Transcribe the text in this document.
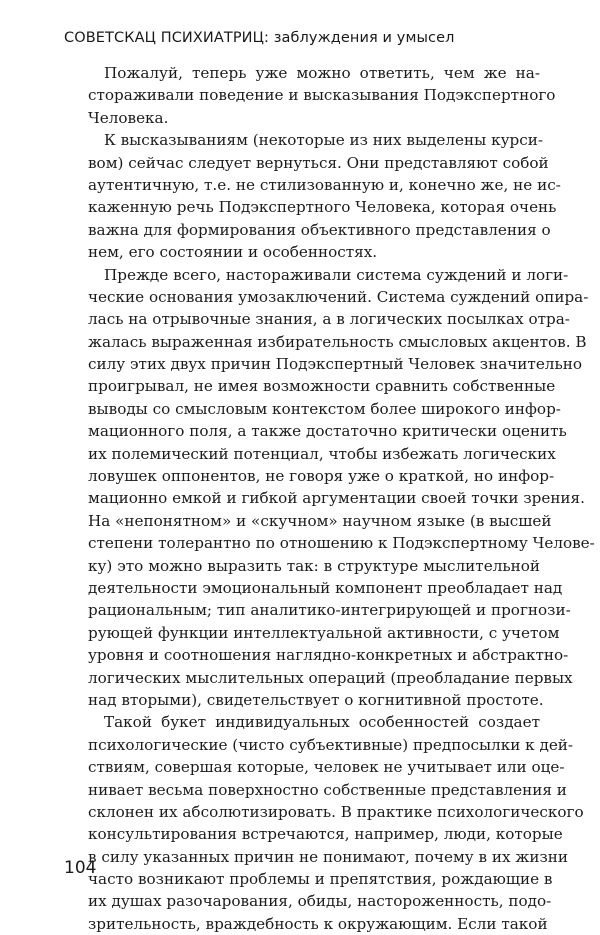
СОВЕТСКАЦ ПСИХИАТРИЦ: заблуждения и умысел
Пожалуй, теперь уже можно ответить, чем же на-
стораживали поведение и высказывания Подэкспертного
Человека.
К высказываниям (некоторые из них выделены курси-
вом) сейчас следует вернуться. Они представляют собой
аутентичную, т.е. не стилизованную и, конечно же, не ис-
каженную речь Подэкспертного Человека, которая очень
важна для формирования объективного представления о
нем, его состоянии и особенностях.
Прежде всего, настораживали система суждений и логи-
ческие основания умозаключений. Система суждений опира-
лась на отрывочные знания, а в логических посылках отра-
жалась выраженная избирательность смысловых акцентов. В
силу этих двух причин Подэкспертный Человек значительно
проигрывал, не имея возможности сравнить собственные
выводы со смысловым контекстом более широкого инфор-
мационного поля, а также достаточно критически оценить
их полемический потенциал, чтобы избежать логических
ловушек оппонентов, не говоря уже о краткой, но инфор-
мационно емкой и гибкой аргументации своей точки зрения.
На «непонятном» и «скучном» научном языке (в высшей
степени толерантно по отношению к Подэкспертному Челове-
ку) это можно выразить так: в структуре мыслительной
деятельности эмоциональный компонент преобладает над
рациональным; тип аналитико-интегрирующей и прогнози-
рующей функции интеллектуальной активности, с учетом
уровня и соотношения наглядно-конкретных и абстрактно-
логических мыслительных операций (преобладание первых
над вторыми), свидетельствует о когнитивной простоте.
Такой букет индивидуальных особенностей создает
психологические (чисто субъективные) предпосылки к дей-
ствиям, совершая которые, человек не учитывает или оце-
нивает весьма поверхностно собственные представления и
склонен их абсолютизировать. В практике психологического
консультирования встречаются, например, люди, которые
в силу указанных причин не понимают, почему в их жизни
часто возникают проблемы и препятствия, рождающие в
их душах разочарования, обиды, настороженность, подо-
зрительность, враждебность к окружающим. Если такой
104
